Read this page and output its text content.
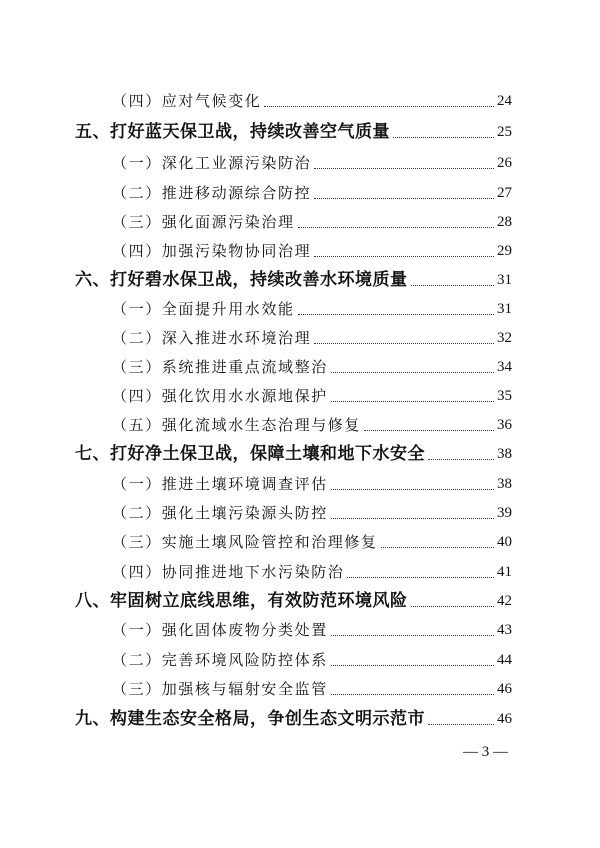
（四）应对气候变化	24
五、打好蓝天保卫战，持续改善空气质量	25
（一）深化工业源污染防治	26
（二）推进移动源综合防控	27
（三）强化面源污染治理	28
（四）加强污染物协同治理	29
六、打好碧水保卫战，持续改善水环境质量	31
（一）全面提升用水效能	31
（二）深入推进水环境治理	32
（三）系统推进重点流域整治	34
（四）强化饮用水水源地保护	35
（五）强化流域水生态治理与修复	36
七、打好净土保卫战，保障土壤和地下水安全	38
（一）推进土壤环境调查评估	38
（二）强化土壤污染源头防控	39
（三）实施土壤风险管控和治理修复	40
（四）协同推进地下水污染防治	41
八、牢固树立底线思维，有效防范环境风险	42
（一）强化固体废物分类处置	43
（二）完善环境风险防控体系	44
（三）加强核与辐射安全监管	46
九、构建生态安全格局，争创生态文明示范市	46
— 3 —
